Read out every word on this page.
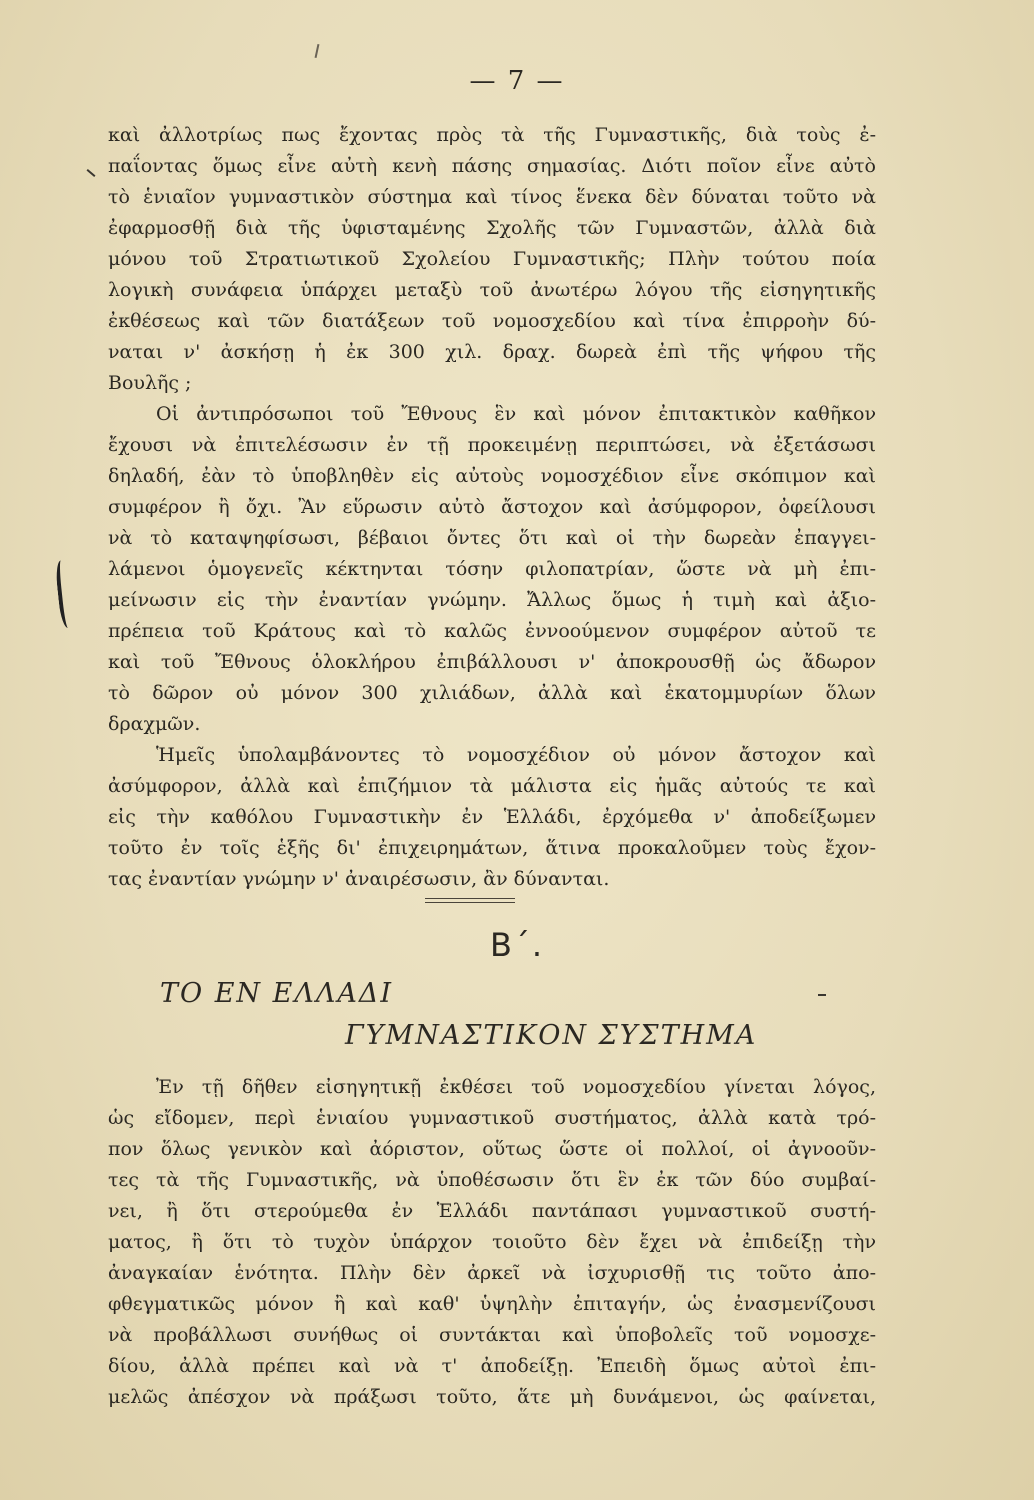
— 7 —
καὶ ἀλλοτρίως πως ἔχοντας πρὸς τὰ τῆς Γυμναστικῆς, διὰ τοὺς ἐ-
παΐοντας ὅμως εἶνε αὐτὴ κενὴ πάσης σημασίας. Διότι ποῖον εἶνε αὐτὸ
τὸ ἑνιαῖον γυμναστικὸν σύστημα καὶ τίνος ἕνεκα δὲν δύναται τοῦτο νὰ
ἐφαρμοσθῇ διὰ τῆς ὑφισταμένης Σχολῆς τῶν Γυμναστῶν, ἀλλὰ διὰ
μόνου τοῦ Στρατιωτικοῦ Σχολείου Γυμναστικῆς; Πλὴν τούτου ποία
λογικὴ συνάφεια ὑπάρχει μεταξὺ τοῦ ἀνωτέρω λόγου τῆς εἰσηγητικῆς
ἐκθέσεως καὶ τῶν διατάξεων τοῦ νομοσχεδίου καὶ τίνα ἐπιρροὴν δύ-
ναται ν' ἀσκήσῃ ἡ ἐκ 300 χιλ. δραχ. δωρεὰ ἐπὶ τῆς ψήφου τῆς
Βουλῆς ;
Οἱ ἀντιπρόσωποι τοῦ Ἔθνους ἓν καὶ μόνον ἐπιτακτικὸν καθῆκον
ἔχουσι νὰ ἐπιτελέσωσιν ἐν τῇ προκειμένῃ περιπτώσει, νὰ ἐξετάσωσι
δηλαδή, ἐὰν τὸ ὑποβληθὲν εἰς αὐτοὺς νομοσχέδιον εἶνε σκόπιμον καὶ
συμφέρον ἢ ὄχι. Ἂν εὕρωσιν αὐτὸ ἄστοχον καὶ ἀσύμφορον, ὀφείλουσι
νὰ τὸ καταψηφίσωσι, βέβαιοι ὄντες ὅτι καὶ οἱ τὴν δωρεὰν ἐπαγγει-
λάμενοι ὁμογενεῖς κέκτηνται τόσην φιλοπατρίαν, ὥστε νὰ μὴ ἐπι-
μείνωσιν εἰς τὴν ἐναντίαν γνώμην. Ἄλλως ὅμως ἡ τιμὴ καὶ ἀξιο-
πρέπεια τοῦ Κράτους καὶ τὸ καλῶς ἐννοούμενον συμφέρον αὐτοῦ τε
καὶ τοῦ Ἔθνους ὁλοκλήρου ἐπιβάλλουσι ν' ἀποκρουσθῇ ὡς ἄδωρον
τὸ δῶρον οὐ μόνον 300 χιλιάδων, ἀλλὰ καὶ ἑκατομμυρίων ὅλων
δραχμῶν.
Ἡμεῖς ὑπολαμβάνοντες τὸ νομοσχέδιον οὐ μόνον ἄστοχον καὶ
ἀσύμφορον, ἀλλὰ καὶ ἐπιζήμιον τὰ μάλιστα εἰς ἡμᾶς αὐτούς τε καὶ
εἰς τὴν καθόλου Γυμναστικὴν ἐν Ἑλλάδι, ἐρχόμεθα ν' ἀποδείξωμεν
τοῦτο ἐν τοῖς ἑξῆς δι' ἐπιχειρημάτων, ἅτινα προκαλοῦμεν τοὺς ἔχον-
τας ἐναντίαν γνώμην ν' ἀναιρέσωσιν, ἂν δύνανται.
Β΄.
ΤΟ ΕΝ ΕΛΛΑΔΙ
ΓΥΜΝΑΣΤΙΚΟΝ ΣΥΣΤΗΜΑ
Ἐν τῇ δῆθεν εἰσηγητικῇ ἐκθέσει τοῦ νομοσχεδίου γίνεται λόγος,
ὡς εἴδομεν, περὶ ἑνιαίου γυμναστικοῦ συστήματος, ἀλλὰ κατὰ τρό-
πον ὅλως γενικὸν καὶ ἀόριστον, οὕτως ὥστε οἱ πολλοί, οἱ ἀγνοοῦν-
τες τὰ τῆς Γυμναστικῆς, νὰ ὑποθέσωσιν ὅτι ἓν ἐκ τῶν δύο συμβαί-
νει, ἢ ὅτι στερούμεθα ἐν Ἑλλάδι παντάπασι γυμναστικοῦ συστή-
ματος, ἢ ὅτι τὸ τυχὸν ὑπάρχον τοιοῦτο δὲν ἔχει νὰ ἐπιδείξῃ τὴν
ἀναγκαίαν ἑνότητα. Πλὴν δὲν ἀρκεῖ νὰ ἰσχυρισθῇ τις τοῦτο ἀπο-
φθεγματικῶς μόνον ἢ καὶ καθ' ὑψηλὴν ἐπιταγήν, ὡς ἐνασμενίζουσι
νὰ προβάλλωσι συνήθως οἱ συντάκται καὶ ὑποβολεῖς τοῦ νομοσχε-
δίου, ἀλλὰ πρέπει καὶ νὰ τ' ἀποδείξῃ. Ἐπειδὴ ὅμως αὐτοὶ ἐπι-
μελῶς ἀπέσχον νὰ πράξωσι τοῦτο, ἅτε μὴ δυνάμενοι, ὡς φαίνεται,
